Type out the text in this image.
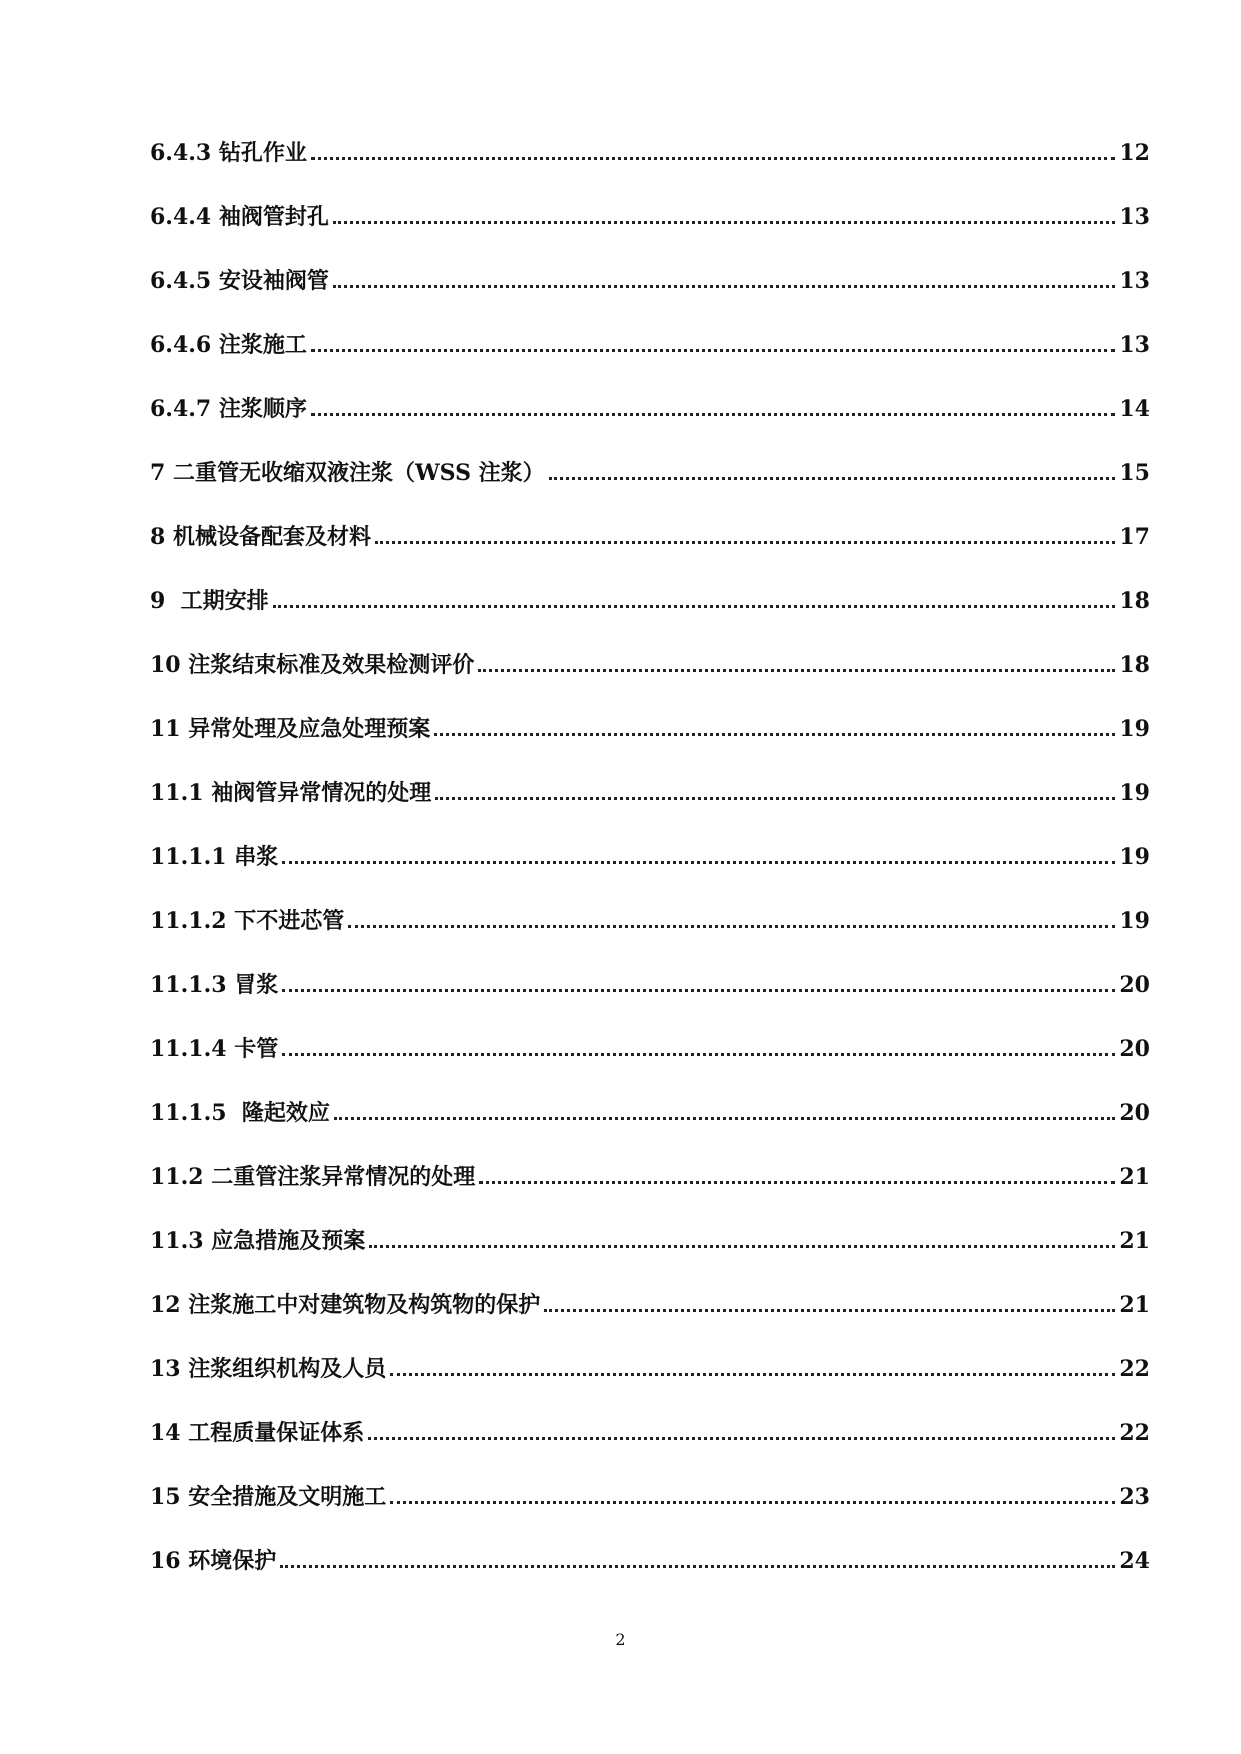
6.4.3 钻孔作业	12
6.4.4 袖阀管封孔	13
6.4.5 安设袖阀管	13
6.4.6 注浆施工	13
6.4.7 注浆顺序	14
7 二重管无收缩双液注浆（WSS 注浆）	15
8 机械设备配套及材料	17
9  工期安排	18
10 注浆结束标准及效果检测评价	18
11 异常处理及应急处理预案	19
11.1 袖阀管异常情况的处理	19
11.1.1 串浆	19
11.1.2 下不进芯管	19
11.1.3 冒浆	20
11.1.4 卡管	20
11.1.5  隆起效应	20
11.2 二重管注浆异常情况的处理	21
11.3 应急措施及预案	21
12 注浆施工中对建筑物及构筑物的保护	21
13 注浆组织机构及人员	22
14 工程质量保证体系	22
15 安全措施及文明施工	23
16 环境保护	24
2
